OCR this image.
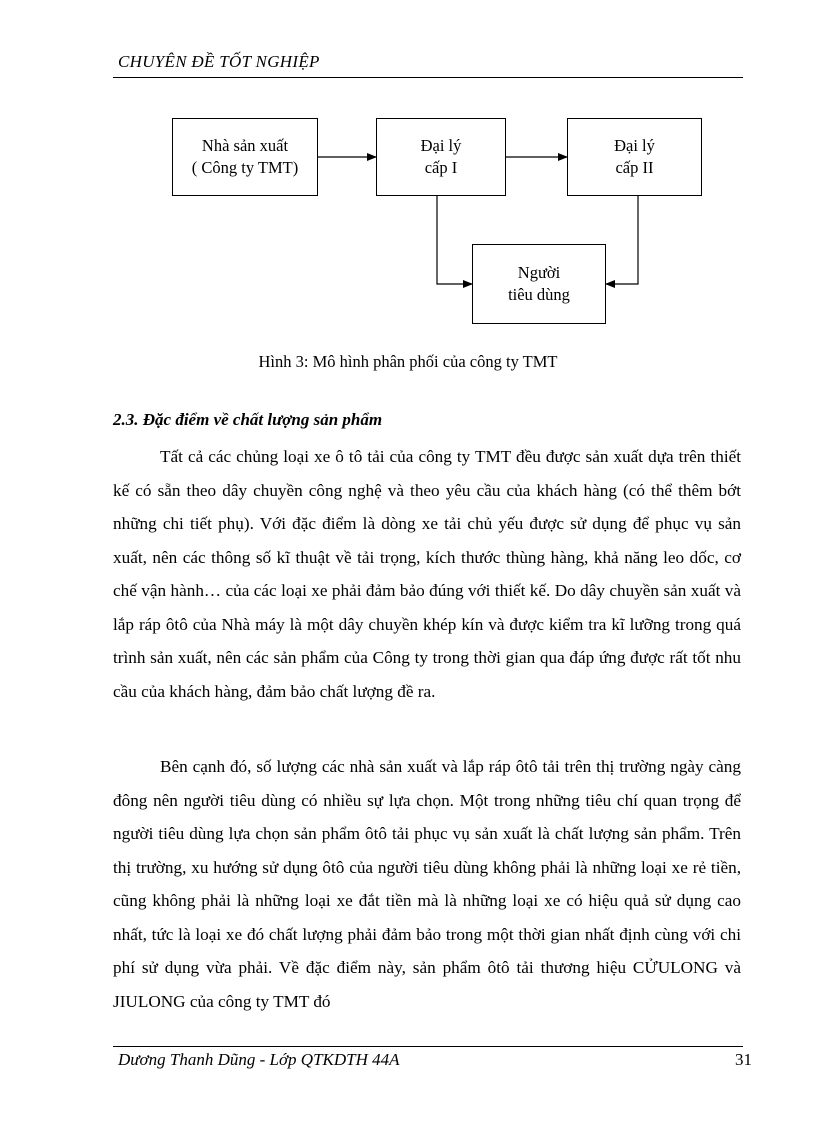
CHUYÊN ĐỀ TỐT NGHIỆP
Nhà sản xuất
( Công ty TMT)
Đại lý
cấp I
Đại lý
cấp II
Người
tiêu dùng
Hình 3: Mô hình phân phối của công ty TMT
2.3. Đặc điểm về chất lượng sản phẩm

Tất cả các chủng loại xe ô tô tải của công ty TMT đều được sản xuất dựa trên thiết kế có sẵn theo dây chuyền công nghệ và theo yêu cầu của khách hàng (có thể thêm bớt những chi tiết phụ). Với đặc điểm là dòng xe tải chủ yếu được sử dụng để phục vụ sản xuất, nên các thông số kĩ thuật về tải trọng, kích thước thùng hàng, khả năng leo dốc, cơ chế vận hành… của các loại xe phải đảm bảo đúng với thiết kế. Do dây chuyền sản xuất và lắp ráp ôtô của Nhà máy là một dây chuyền khép kín và được kiểm tra kĩ lưỡng trong quá trình sản xuất, nên các sản phẩm của Công ty trong thời gian qua đáp ứng được rất tốt nhu cầu của khách hàng, đảm bảo chất lượng đề ra.

Bên cạnh đó, số lượng các nhà sản xuất và lắp ráp ôtô tải trên thị trường ngày càng đông nên người tiêu dùng có nhiều sự lựa chọn. Một trong những tiêu chí quan trọng để người tiêu dùng lựa chọn sản phẩm ôtô tải phục vụ sản xuất là chất lượng sản phẩm. Trên thị trường, xu hướng sử dụng ôtô của người tiêu dùng không phải là những loại xe rẻ tiền, cũng không phải là những loại xe đắt tiền mà là những loại xe có hiệu quả sử dụng cao nhất, tức là loại xe đó chất lượng phải đảm bảo trong một thời gian nhất định cùng với chi phí sử dụng vừa phải. Về đặc điểm này, sản phẩm ôtô tải thương hiệu CỬULONG và JIULONG của công ty TMT đó

Dương Thanh Dũng - Lớp QTKDTH 44A	31
